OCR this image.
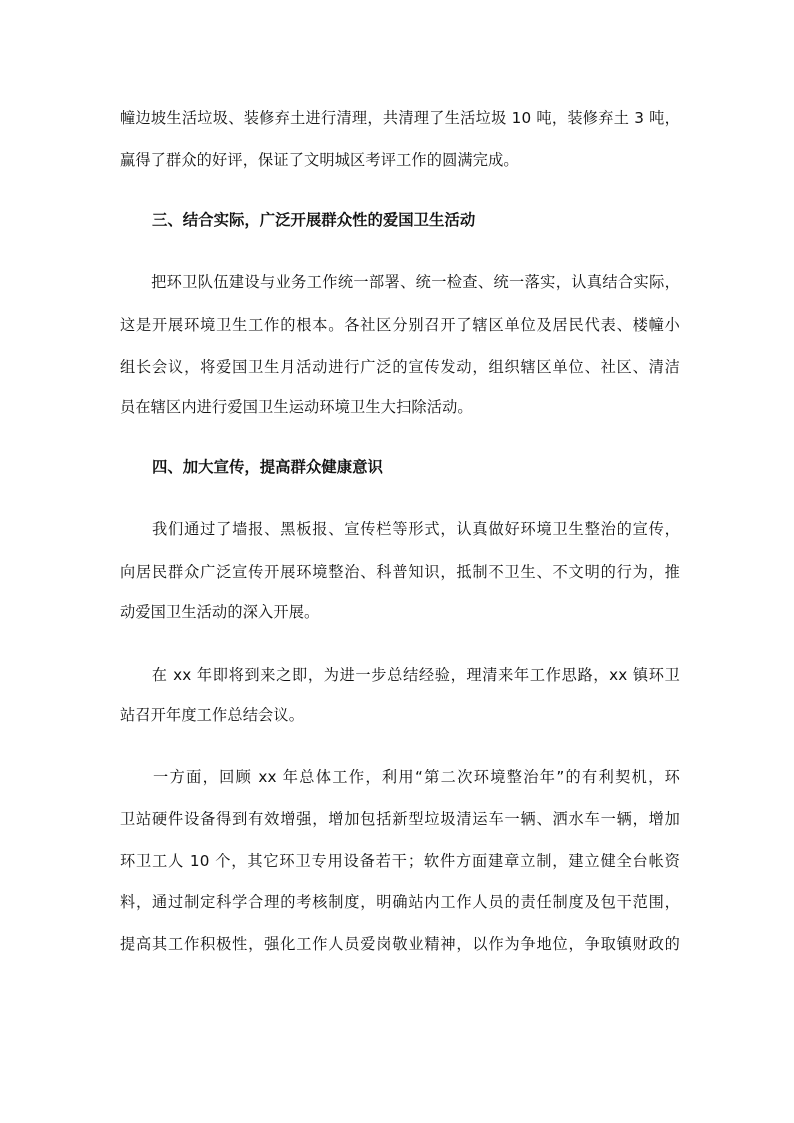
幢边坡生活垃圾、装修弃土进行清理，共清理了生活垃圾 10 吨，装修弃土 3 吨，
赢得了群众的好评，保证了文明城区考评工作的圆满完成。
三、结合实际，广泛开展群众性的爱国卫生活动
　　把环卫队伍建设与业务工作统一部署、统一检查、统一落实，认真结合实际，
这是开展环境卫生工作的根本。各社区分别召开了辖区单位及居民代表、楼幢小
组长会议，将爱国卫生月活动进行广泛的宣传发动，组织辖区单位、社区、清洁
员在辖区内进行爱国卫生运动环境卫生大扫除活动。
四、加大宣传，提高群众健康意识
　　我们通过了墙报、黑板报、宣传栏等形式，认真做好环境卫生整治的宣传，
向居民群众广泛宣传开展环境整治、科普知识，抵制不卫生、不文明的行为，推
动爱国卫生活动的深入开展。
　　在 xx 年即将到来之即，为进一步总结经验，理清来年工作思路，xx 镇环卫
站召开年度工作总结会议。
　　一方面，回顾 xx 年总体工作，利用“第二次环境整治年”的有利契机，环
卫站硬件设备得到有效增强，增加包括新型垃圾清运车一辆、洒水车一辆，增加
环卫工人 10 个，其它环卫专用设备若干；软件方面建章立制，建立健全台帐资
料，通过制定科学合理的考核制度，明确站内工作人员的责任制度及包干范围，
提高其工作积极性，强化工作人员爱岗敬业精神，以作为争地位，争取镇财政的
